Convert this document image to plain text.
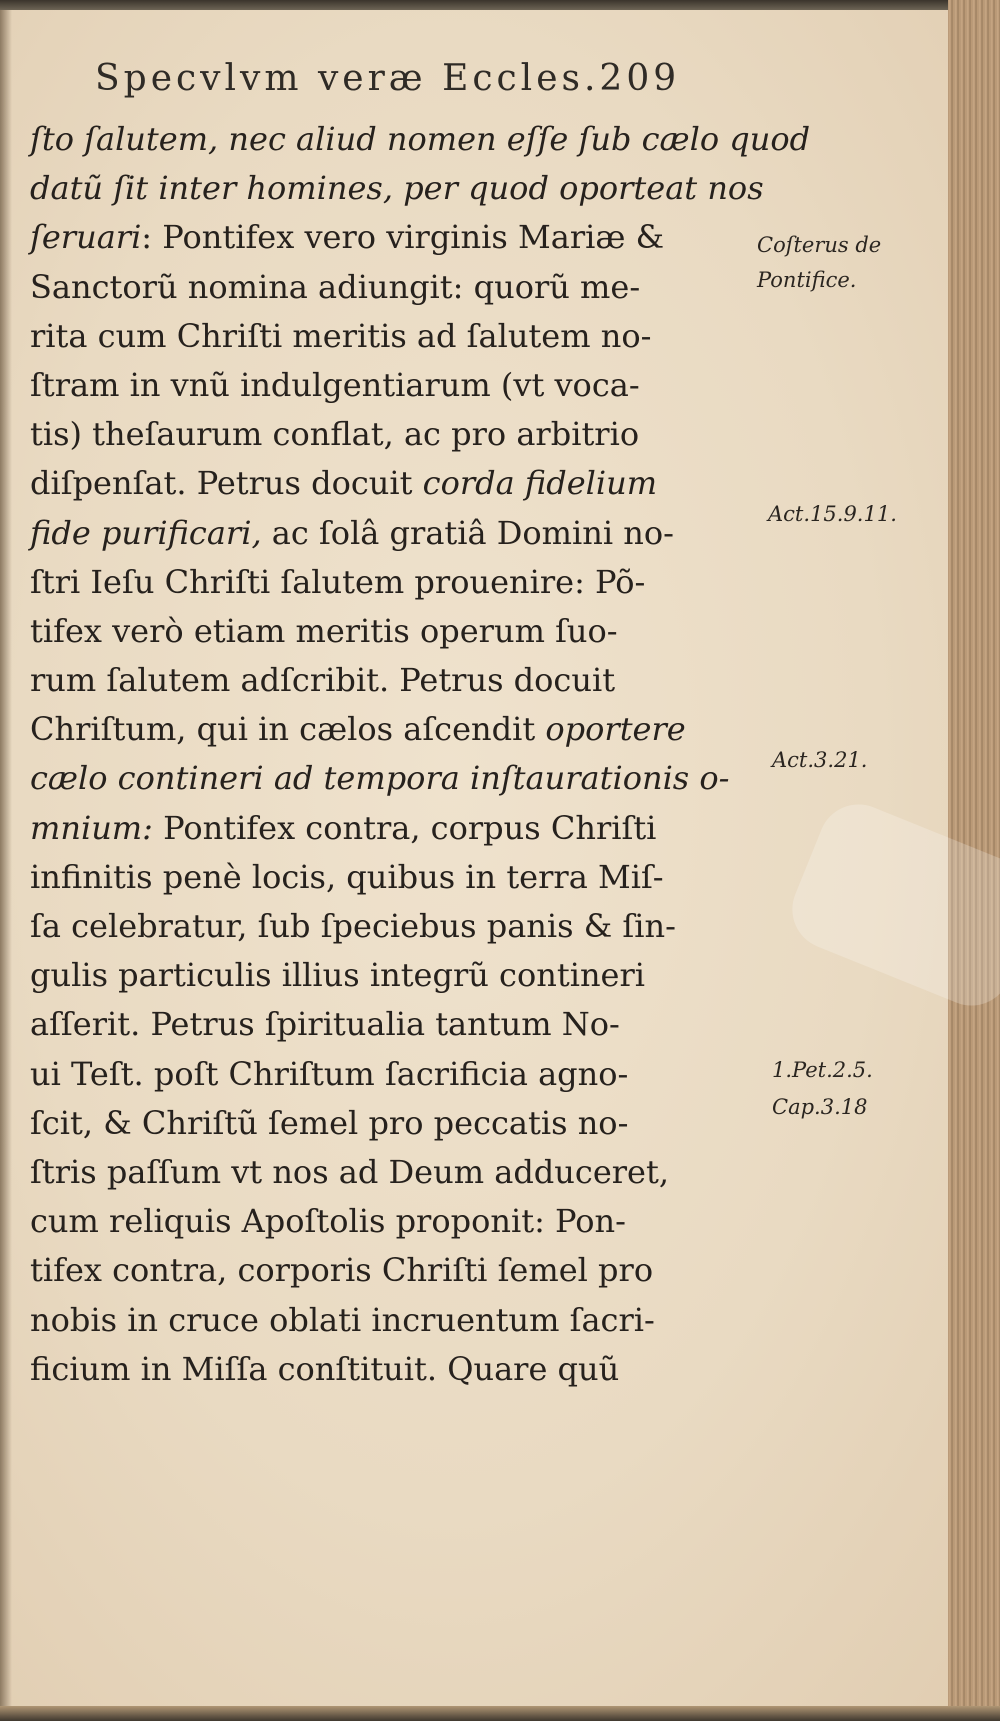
Specvlvm verӕ Eccles.209
ſto ſalutem, nec aliud nomen eſſe ſub cælo quod
datũ ſit inter homines, per quod oporteat nos
ſeruari: Pontifex vero virginis Mariæ &
Sanctorũ nomina adiungit: quorũ me-
rita cum Chriſti meritis ad ſalutem no-
ſtram in vnũ indulgentiarum (vt voca-
tis) theſaurum conflat, ac pro arbitrio
diſpenſat. Petrus docuit corda fidelium
fide purificari, ac ſolâ gratiâ Domini no-
ſtri Ieſu Chriſti ſalutem prouenire: Põ-
tifex verò etiam meritis operum ſuo-
rum ſalutem adſcribit. Petrus docuit
Chriſtum, qui in cælos aſcendit oportere
cælo contineri ad tempora inſtaurationis o-
mnium: Pontifex contra, corpus Chriſti
infinitis penè locis, quibus in terra Miſ-
ſa celebratur, ſub ſpeciebus panis & ſin-
gulis particulis illius integrũ contineri
aſſerit. Petrus ſpiritualia tantum No-
ui Teſt. poſt Chriſtum ſacrificia agno-
ſcit, & Chriſtũ ſemel pro peccatis no-
ſtris paſſum vt nos ad Deum adduceret,
cum reliquis Apoſtolis proponit: Pon-
tifex contra, corporis Chriſti ſemel pro
nobis in cruce oblati incruentum ſacri-
ficium in Miſſa conſtituit. Quare quũ
Coſterus de
Pontifice.
Act.15.9.11.
Act.3.21.
1.Pet.2.5.
Cap.3.18
